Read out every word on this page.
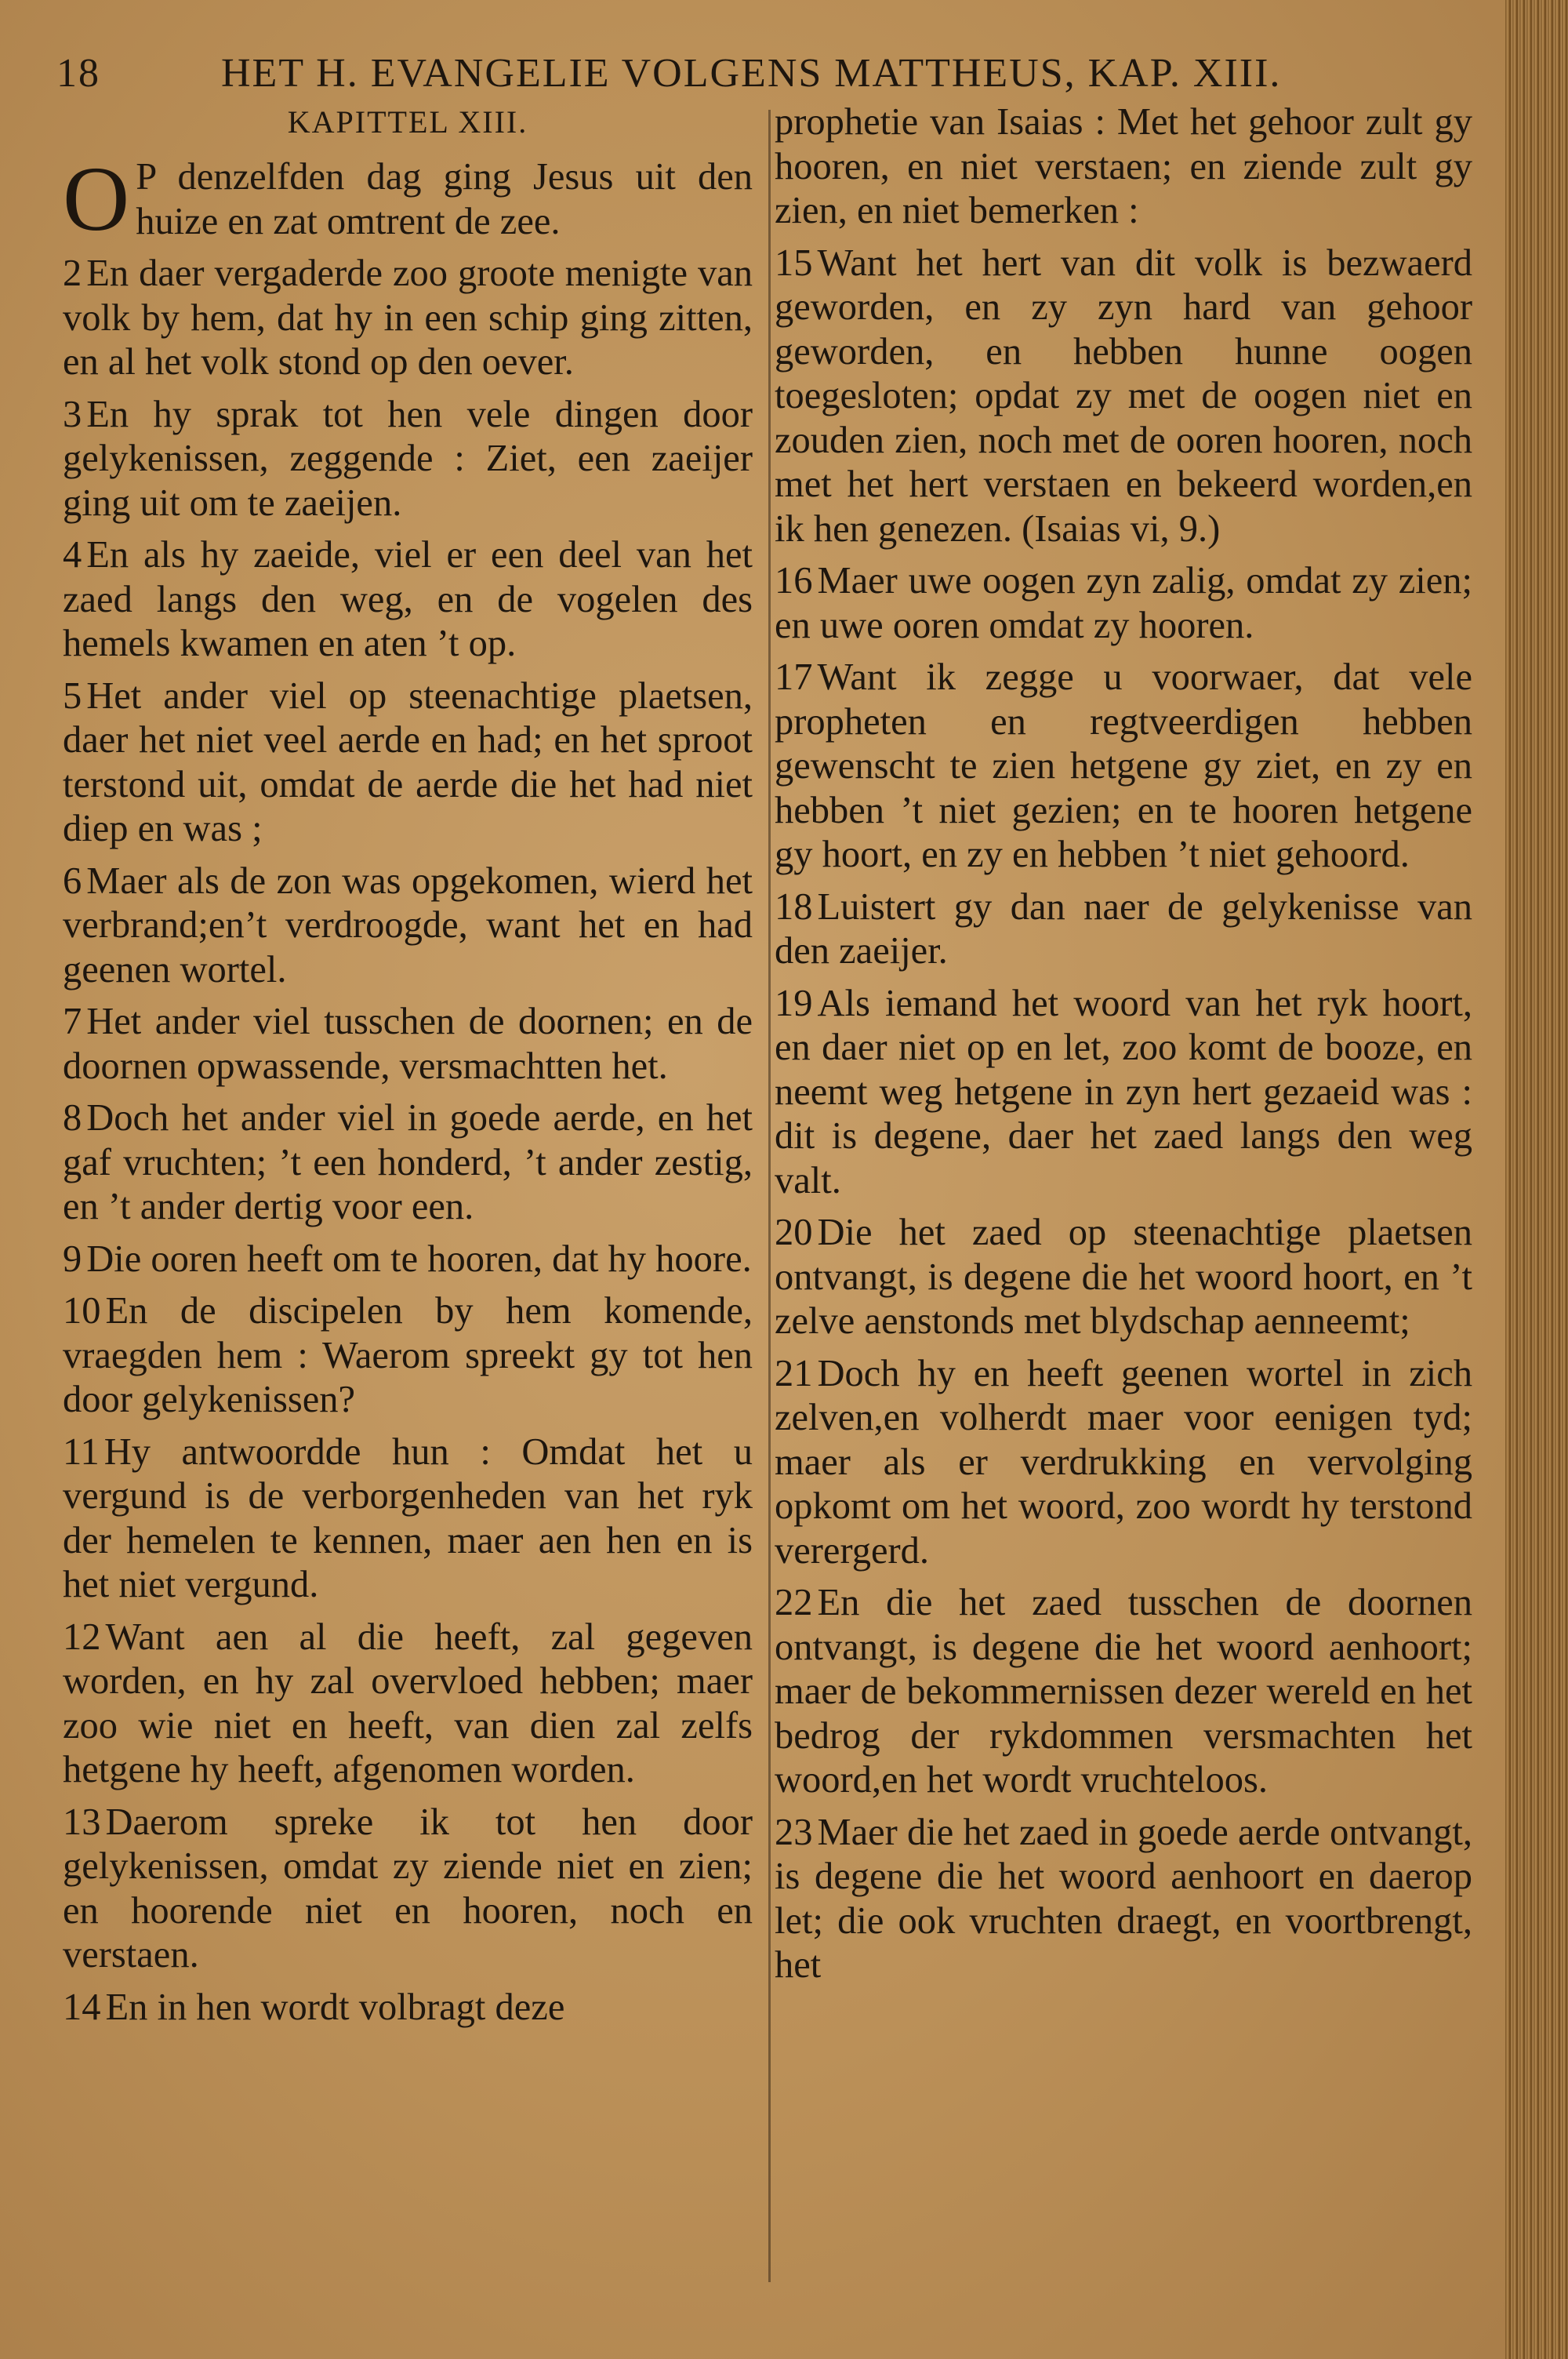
18	HET H. EVANGELIE VOLGENS MATTHEUS, KAP. XIII.
KAPITTEL XIII.

O P denzelfden dag ging Jesus uit den huize en zat omtrent de zee.

2 En daer vergaderde zoo groote menigte van volk by hem, dat hy in een schip ging zitten, en al het volk stond op den oever.

3 En hy sprak tot hen vele dingen door gelykenissen, zeggende : Ziet, een zaeijer ging uit om te zaeijen.

4 En als hy zaeide, viel er een deel van het zaed langs den weg, en de vogelen des hemels kwamen en aten ’t op.

5 Het ander viel op steenachtige plaetsen, daer het niet veel aerde en had; en het sproot terstond uit, omdat de aerde die het had niet diep en was ;

6 Maer als de zon was opgekomen, wierd het verbrand;en’t verdroogde, want het en had geenen wortel.

7 Het ander viel tusschen de doornen; en de doornen opwassende, versmachtten het.

8 Doch het ander viel in goede aerde, en het gaf vruchten; ’t een honderd, ’t ander zestig, en ’t ander dertig voor een.

9 Die ooren heeft om te hooren, dat hy hoore.

10 En de discipelen by hem komende, vraegden hem : Waerom spreekt gy tot hen door gelykenissen?

11 Hy antwoordde hun : Omdat het u vergund is de verborgenheden van het ryk der hemelen te kennen, maer aen hen en is het niet vergund.

12 Want aen al die heeft, zal gegeven worden, en hy zal overvloed hebben; maer zoo wie niet en heeft, van dien zal zelfs hetgene hy heeft, afgenomen worden.

13 Daerom spreke ik tot hen door gelykenissen, omdat zy ziende niet en zien; en hoorende niet en hooren, noch en verstaen.

14 En in hen wordt volbragt deze

prophetie van Isaias : Met het gehoor zult gy hooren, en niet verstaen; en ziende zult gy zien, en niet bemerken :

15 Want het hert van dit volk is bezwaerd geworden, en zy zyn hard van gehoor geworden, en hebben hunne oogen toegesloten; opdat zy met de oogen niet en zouden zien, noch met de ooren hooren, noch met het hert verstaen en bekeerd worden,en ik hen genezen. (Isaias vi, 9.)

16 Maer uwe oogen zyn zalig, omdat zy zien; en uwe ooren omdat zy hooren.

17 Want ik zegge u voorwaer, dat vele propheten en regtveerdigen hebben gewenscht te zien hetgene gy ziet, en zy en hebben ’t niet gezien; en te hooren hetgene gy hoort, en zy en hebben ’t niet gehoord.

18 Luistert gy dan naer de gelykenisse van den zaeijer.

19 Als iemand het woord van het ryk hoort, en daer niet op en let, zoo komt de booze, en neemt weg hetgene in zyn hert gezaeid was : dit is degene, daer het zaed langs den weg valt.

20 Die het zaed op steenachtige plaetsen ontvangt, is degene die het woord hoort, en ’t zelve aenstonds met blydschap aenneemt;

21 Doch hy en heeft geenen wortel in zich zelven,en volherdt maer voor eenigen tyd; maer als er verdrukking en vervolging opkomt om het woord, zoo wordt hy terstond verergerd.

22 En die het zaed tusschen de doornen ontvangt, is degene die het woord aenhoort; maer de bekommernissen dezer wereld en het bedrog der rykdommen versmachten het woord,en het wordt vruchteloos.

23 Maer die het zaed in goede aerde ontvangt, is degene die het woord aenhoort en daerop let; die ook vruchten draegt, en voortbrengt, het
